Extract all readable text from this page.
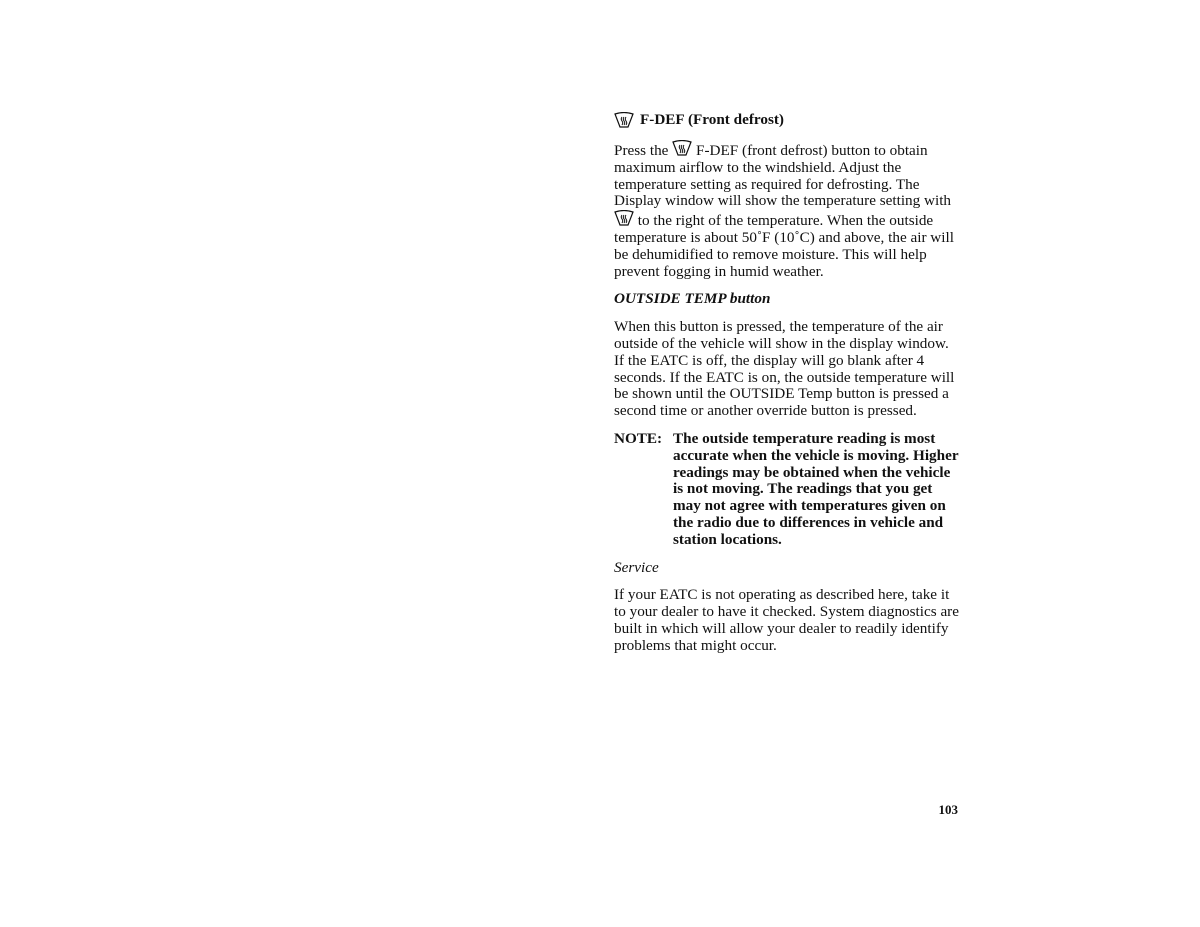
F-DEF (Front defrost)

Press the F-DEF (front defrost) button to obtain maximum airflow to the windshield. Adjust the temperature setting as required for defrosting. The Display window will show the temperature setting with  to the right of the temperature. When the outside temperature is about 50˚F (10˚C) and above, the air will be dehumidified to remove moisture. This will help prevent fogging in humid weather.

OUTSIDE TEMP button

When this button is pressed, the temperature of the air outside of the vehicle will show in the display window. If the EATC is off, the display will go blank after 4 seconds. If the EATC is on, the outside temperature will be shown until the OUTSIDE Temp button is pressed a second time or another override button is pressed.

NOTE: The outside temperature reading is most accurate when the vehicle is moving. Higher readings may be obtained when the vehicle is not moving. The readings that you get may not agree with temperatures given on the radio due to differences in vehicle and station locations.

Service

If your EATC is not operating as described here, take it to your dealer to have it checked. System diagnostics are built in which will allow your dealer to readily identify problems that might occur.

103
